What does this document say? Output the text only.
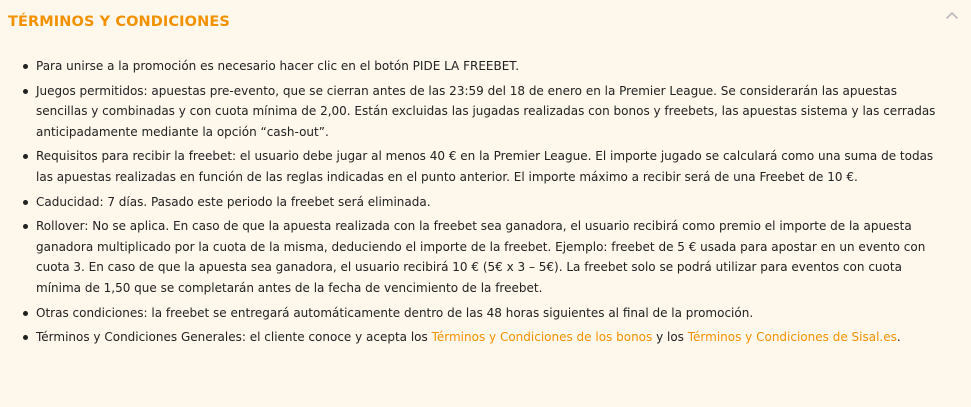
TÉRMINOS Y CONDICIONES
Para unirse a la promoción es necesario hacer clic en el botón PIDE LA FREEBET.
Juegos permitidos: apuestas pre-evento, que se cierran antes de las 23:59 del 18 de enero en la Premier League. Se considerarán las apuestas sencillas y combinadas y con cuota mínima de 2,00. Están excluidas las jugadas realizadas con bonos y freebets, las apuestas sistema y las cerradas anticipadamente mediante la opción “cash-out”.
Requisitos para recibir la freebet: el usuario debe jugar al menos 40 € en la Premier League. El importe jugado se calculará como una suma de todas las apuestas realizadas en función de las reglas indicadas en el punto anterior. El importe máximo a recibir será de una Freebet de 10 €.
Caducidad: 7 días. Pasado este periodo la freebet será eliminada.
Rollover: No se aplica. En caso de que la apuesta realizada con la freebet sea ganadora, el usuario recibirá como premio el importe de la apuesta ganadora multiplicado por la cuota de la misma, deduciendo el importe de la freebet. Ejemplo: freebet de 5 € usada para apostar en un evento con cuota 3. En caso de que la apuesta sea ganadora, el usuario recibirá 10 € (5€ x 3 – 5€). La freebet solo se podrá utilizar para eventos con cuota mínima de 1,50 que se completarán antes de la fecha de vencimiento de la freebet.
Otras condiciones: la freebet se entregará automáticamente dentro de las 48 horas siguientes al final de la promoción.
Términos y Condiciones Generales: el cliente conoce y acepta los Términos y Condiciones de los bonos y los Términos y Condiciones de Sisal.es.
